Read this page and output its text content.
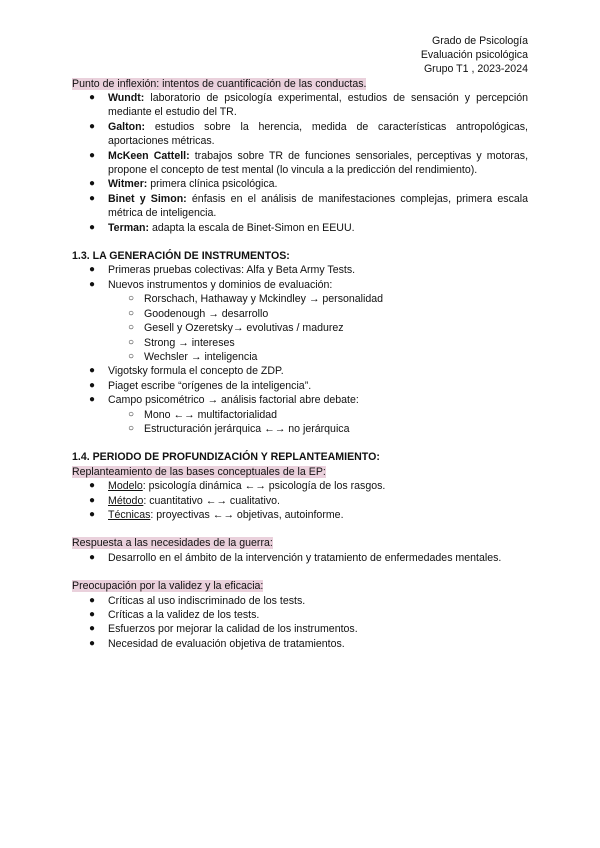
Grado de Psicología
Evaluación psicológica
Grupo T1 , 2023-2024
Punto de inflexión: intentos de cuantificación de las conductas.
● Wundt: laboratorio de psicología experimental, estudios de sensación y percepción mediante el estudio del TR.
● Galton: estudios sobre la herencia, medida de características antropológicas, aportaciones métricas.
● McKeen Cattell: trabajos sobre TR de funciones sensoriales, perceptivas y motoras, propone el concepto de test mental (lo vincula a la predicción del rendimiento).
● Witmer: primera clínica psicológica.
● Binet y Simon: énfasis en el análisis de manifestaciones complejas, primera escala métrica de inteligencia.
● Terman: adapta la escala de Binet-Simon en EEUU.
1.3. LA GENERACIÓN DE INSTRUMENTOS:
● Primeras pruebas colectivas: Alfa y Beta Army Tests.
● Nuevos instrumentos y dominios de evaluación:
○ Rorschach, Hathaway y Mckindley → personalidad
○ Goodenough → desarrollo
○ Gesell y Ozeretsky→ evolutivas / madurez
○ Strong → intereses
○ Wechsler → inteligencia
● Vigotsky formula el concepto de ZDP.
● Piaget escribe “orígenes de la inteligencia”.
● Campo psicométrico → análisis factorial abre debate:
○ Mono ←→ multifactorialidad
○ Estructuración jerárquica ←→ no jerárquica
1.4. PERIODO DE PROFUNDIZACIÓN Y REPLANTEAMIENTO:
Replanteamiento de las bases conceptuales de la EP:
● Modelo: psicología dinámica ←→ psicología de los rasgos.
● Método: cuantitativo ←→ cualitativo.
● Técnicas: proyectivas ←→ objetivas, autoinforme.
Respuesta a las necesidades de la guerra:
● Desarrollo en el ámbito de la intervención y tratamiento de enfermedades mentales.
Preocupación por la validez y la eficacia:
● Críticas al uso indiscriminado de los tests.
● Críticas a la validez de los tests.
● Esfuerzos por mejorar la calidad de los instrumentos.
● Necesidad de evaluación objetiva de tratamientos.
